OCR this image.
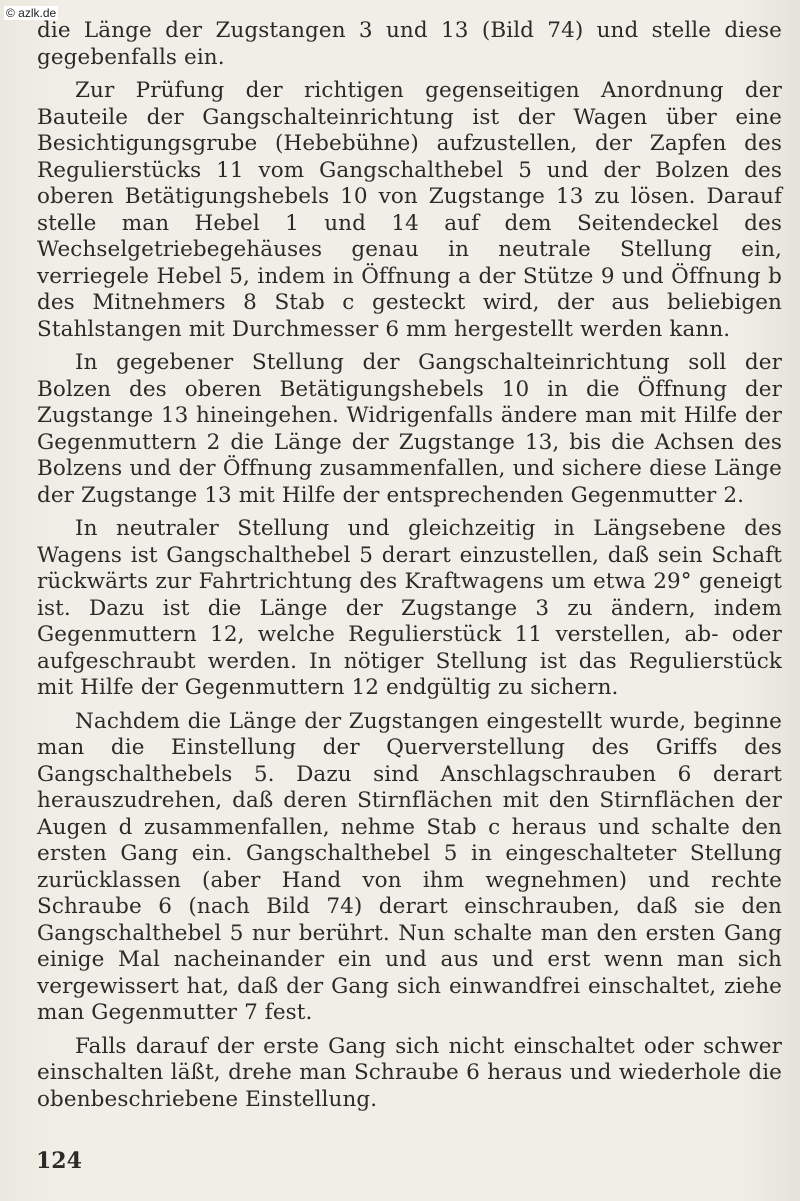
© azlk.de

die Länge der Zugstangen 3 und 13 (Bild 74) und stelle diese gegebenfalls ein.

Zur Prüfung der richtigen gegenseitigen Anordnung der Bauteile der Gangschalteinrichtung ist der Wagen über eine Besichtigungsgrube (Hebebühne) aufzustellen, der Zapfen des Regulierstücks 11 vom Gangschalthebel 5 und der Bolzen des oberen Betätigungshebels 10 von Zugstange 13 zu lösen. Darauf stelle man Hebel 1 und 14 auf dem Seitendeckel des Wechselgetriebegehäuses genau in neutrale Stellung ein, verriegele Hebel 5, indem in Öffnung a der Stütze 9 und Öffnung b des Mitnehmers 8 Stab c gesteckt wird, der aus beliebigen Stahlstangen mit Durchmesser 6 mm hergestellt werden kann.

In gegebener Stellung der Gangschalteinrichtung soll der Bolzen des oberen Betätigungshebels 10 in die Öffnung der Zugstange 13 hineingehen. Widrigenfalls ändere man mit Hilfe der Gegenmuttern 2 die Länge der Zugstange 13, bis die Achsen des Bolzens und der Öffnung zusammenfallen, und sichere diese Länge der Zugstange 13 mit Hilfe der entsprechenden Gegenmutter 2.

In neutraler Stellung und gleichzeitig in Längsebene des Wagens ist Gangschalthebel 5 derart einzustellen, daß sein Schaft rückwärts zur Fahrtrichtung des Kraftwagens um etwa 29° geneigt ist. Dazu ist die Länge der Zugstange 3 zu ändern, indem Gegenmuttern 12, welche Regulierstück 11 verstellen, ab- oder aufgeschraubt werden. In nötiger Stellung ist das Regulierstück mit Hilfe der Gegenmuttern 12 endgültig zu sichern.

Nachdem die Länge der Zugstangen eingestellt wurde, beginne man die Einstellung der Querverstellung des Griffs des Gangschalthebels 5. Dazu sind Anschlagschrauben 6 derart herauszudrehen, daß deren Stirnflächen mit den Stirnflächen der Augen d zusammenfallen, nehme Stab c heraus und schalte den ersten Gang ein. Gangschalthebel 5 in eingeschalteter Stellung zurücklassen (aber Hand von ihm wegnehmen) und rechte Schraube 6 (nach Bild 74) derart einschrauben, daß sie den Gangschalthebel 5 nur berührt. Nun schalte man den ersten Gang einige Mal nacheinander ein und aus und erst wenn man sich vergewissert hat, daß der Gang sich einwandfrei einschaltet, ziehe man Gegenmutter 7 fest.

Falls darauf der erste Gang sich nicht einschaltet oder schwer einschalten läßt, drehe man Schraube 6 heraus und wiederhole die obenbeschriebene Einstellung.

124
